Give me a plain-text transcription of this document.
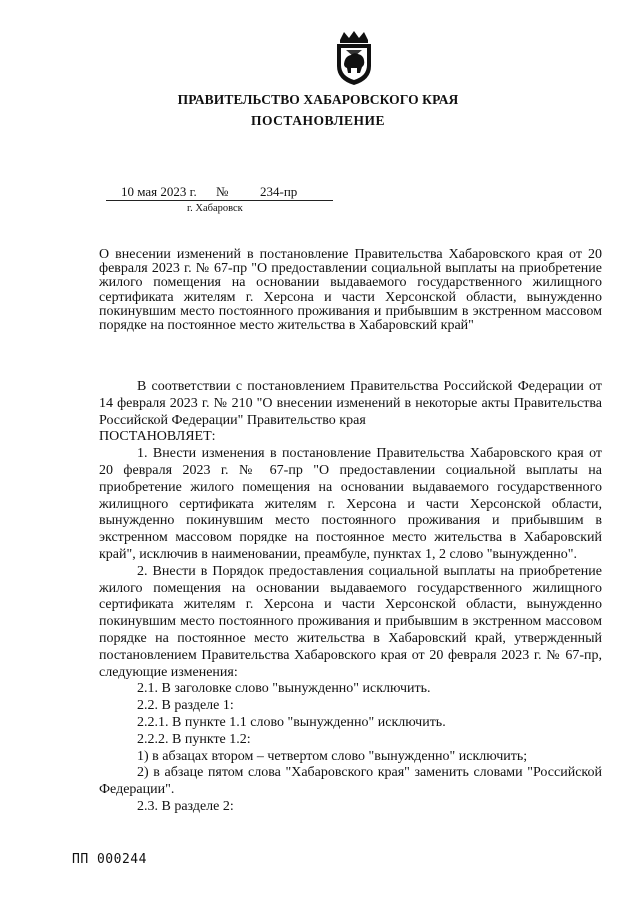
ПРАВИТЕЛЬСТВО ХАБАРОВСКОГО КРАЯ
ПОСТАНОВЛЕНИЕ
10 мая 2023 г. № 234-пр
г. Хабаровск
О внесении изменений в постановление Правительства Хабаровского края от 20 февраля 2023 г. № 67-пр "О предоставлении социальной выплаты на приобретение жилого помещения на основании выдаваемого государственного жилищного сертификата жителям г. Херсона и части Херсонской области, вынужденно покинувшим место постоянного проживания и прибывшим в экстренном массовом порядке на постоянное место жительства в Хабаровский край"

В соответствии с постановлением Правительства Российской Федерации от 14 февраля 2023 г. № 210 "О внесении изменений в некоторые акты Правительства Российской Федерации" Правительство края

ПОСТАНОВЛЯЕТ:

1. Внести изменения в постановление Правительства Хабаровского края от 20 февраля 2023 г. № 67-пр "О предоставлении социальной выплаты на приобретение жилого помещения на основании выдаваемого государственного жилищного сертификата жителям г. Херсона и части Херсонской области, вынужденно покинувшим место постоянного проживания и прибывшим в экстренном массовом порядке на постоянное место жительства в Хабаровский край", исключив в наименовании, преамбуле, пунктах 1, 2 слово "вынужденно".

2. Внести в Порядок предоставления социальной выплаты на приобретение жилого помещения на основании выдаваемого государственного жилищного сертификата жителям г. Херсона и части Херсонской области, вынужденно покинувшим место постоянного проживания и прибывшим в экстренном массовом порядке на постоянное место жительства в Хабаровский край, утвержденный постановлением Правительства Хабаровского края от 20 февраля 2023 г. № 67-пр, следующие изменения:

2.1. В заголовке слово "вынужденно" исключить.

2.2. В разделе 1:

2.2.1. В пункте 1.1 слово "вынужденно" исключить.

2.2.2. В пункте 1.2:

1) в абзацах втором – четвертом слово "вынужденно" исключить;

2) в абзаце пятом слова "Хабаровского края" заменить словами "Российской Федерации".

2.3. В разделе 2:

ПП 000244
